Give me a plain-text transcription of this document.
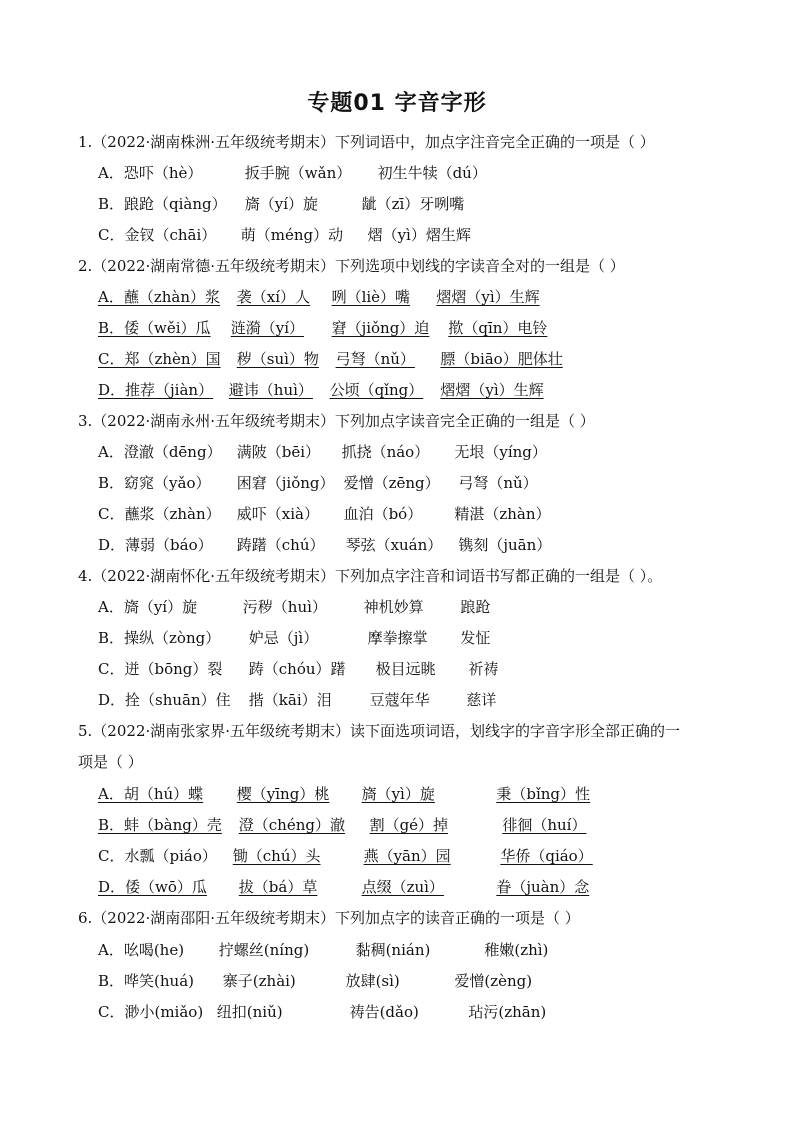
专题01 字音字形
1.（2022·湖南株洲·五年级统考期末）下列词语中，加点字注音完全正确的一项是（ ）
A．恐吓（hè）	扳手腕（wǎn） 初生牛犊（dú）
B．踉跄（qiàng） 旖（yí）旋	龇（zī）牙咧嘴
C．金钗（chāi） 萌（méng）动 熠（yì）熠生辉
2.（2022·湖南常德·五年级统考期末）下列选项中划线的字读音全对的一组是（ ）
A．蘸（zhàn）浆 袭（xí）人 咧（liè）嘴 熠熠（yì）生辉
B．倭（wěi）瓜 涟漪（yí） 窘（jiǒng）迫 揿（qīn）电铃
C．郑（zhèn）国 秽（suì）物 弓弩（nǔ） 膘（biāo）肥体壮
D．推荐（jiàn） 避讳（huì） 公顷（qǐng） 熠熠（yì）生辉
3.（2022·湖南永州·五年级统考期末）下列加点字读音完全正确的一组是（ ）
A．澄澈（dēng） 满陂（bēi） 抓挠（náo） 无垠（yíng）
B．窈窕（yǎo） 困窘（jiǒng） 爱憎（zēng） 弓弩（nǔ）
C．蘸浆（zhàn） 威吓（xià） 血泊（bó） 精湛（zhàn）
D．薄弱（báo） 踌躇（chú） 琴弦（xuán） 镌刻（juān）
4.（2022·湖南怀化·五年级统考期末）下列加点字注音和词语书写都正确的一组是（ ）。
A．旖（yí）旋	污秽（huì） 神机妙算 踉跄
B．操纵（zòng） 妒忌（jì）	摩拳擦掌 发怔
C．迸（bōng）裂 踌（chóu）躇 极目远眺 祈祷
D．拴（shuān）住 揩（kāi）泪	豆蔻年华 慈详
5.（2022·湖南张家界·五年级统考期末）读下面选项词语，划线字的字音字形全部正确的一
项是（ ）
A．胡（hú）蝶 樱（yīng）桃 旖（yì）旋	秉（bǐng）性
B．蚌（bàng）壳 澄（chéng）澈 割（gé）掉	徘徊（huí）
C．水瓢（piáo） 锄（chú）头	燕（yān）园	华侨（qiáo）
D．倭（wō）瓜 拔（bá）草	点缀（zuì）	眷（juàn）念
6.（2022·湖南邵阳·五年级统考期末）下列加点字的读音正确的一项是（ ）
A．吆喝(he) 拧螺丝(níng)	黏稠(nián)	稚嫩(zhì)
B．哗笑(huá) 寨子(zhài)	放肆(sì)	爱憎(zèng)
C．渺小(miǎo) 纽扣(niǔ)	祷告(dǎo)	玷污(zhān)
